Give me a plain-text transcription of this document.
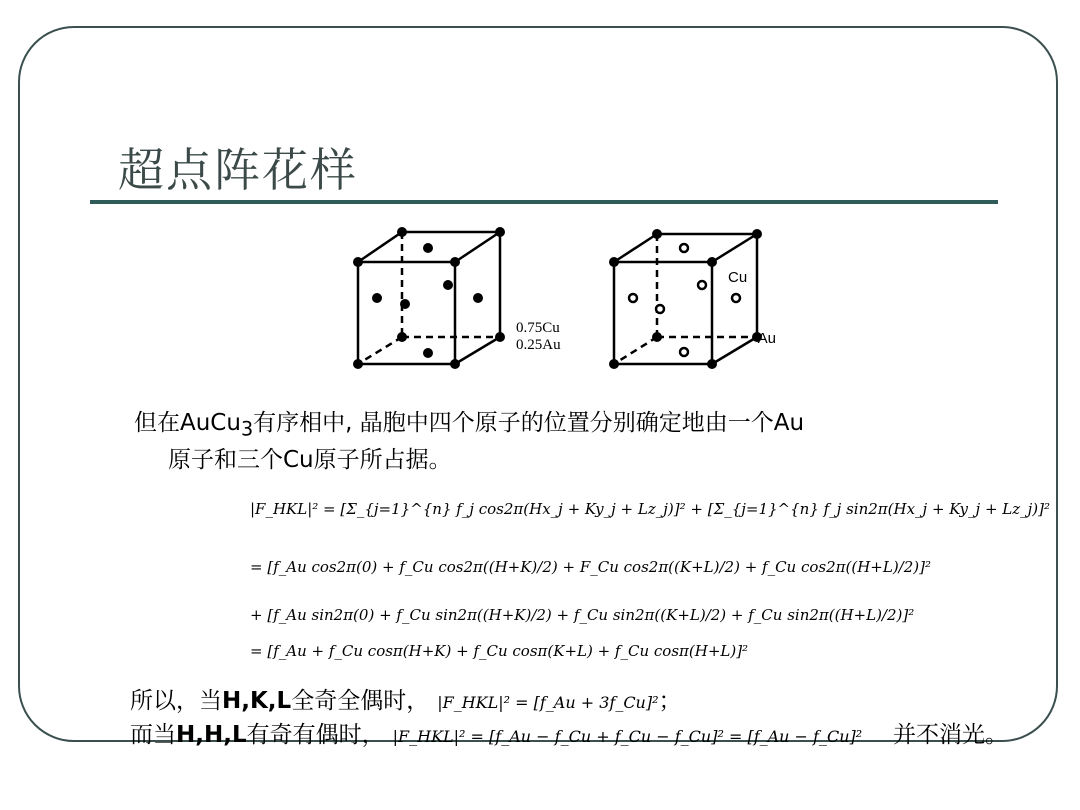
超点阵花样
0.75Cu
0.25Au
Cu
Au
但在AuCu$_3$有序相中, 晶胞中四个原子的位置分别确定地由一个Au
原子和三个Cu原子所占据。
|F_HKL|² = [Σ_{j=1}^{n} f_j cos2π(Hx_j + Ky_j + Lz_j)]² + [Σ_{j=1}^{n} f_j sin2π(Hx_j + Ky_j + Lz_j)]²
= [f_Au cos2π(0) + f_Cu cos2π((H+K)/2) + F_Cu cos2π((K+L)/2) + f_Cu cos2π((H+L)/2)]²
+ [f_Au sin2π(0) + f_Cu sin2π((H+K)/2) + f_Cu sin2π((K+L)/2) + f_Cu sin2π((H+L)/2)]²
= [f_Au + f_Cu cosπ(H+K) + f_Cu cosπ(K+L) + f_Cu cosπ(H+L)]²
所以，当H,K,L全奇全偶时， |F_HKL|² = [f_Au + 3f_Cu]²；
而当H,H,L有奇有偶时， |F_HKL|² = [f_Au − f_Cu + f_Cu − f_Cu]² = [f_Au − f_Cu]² 并不消光。
